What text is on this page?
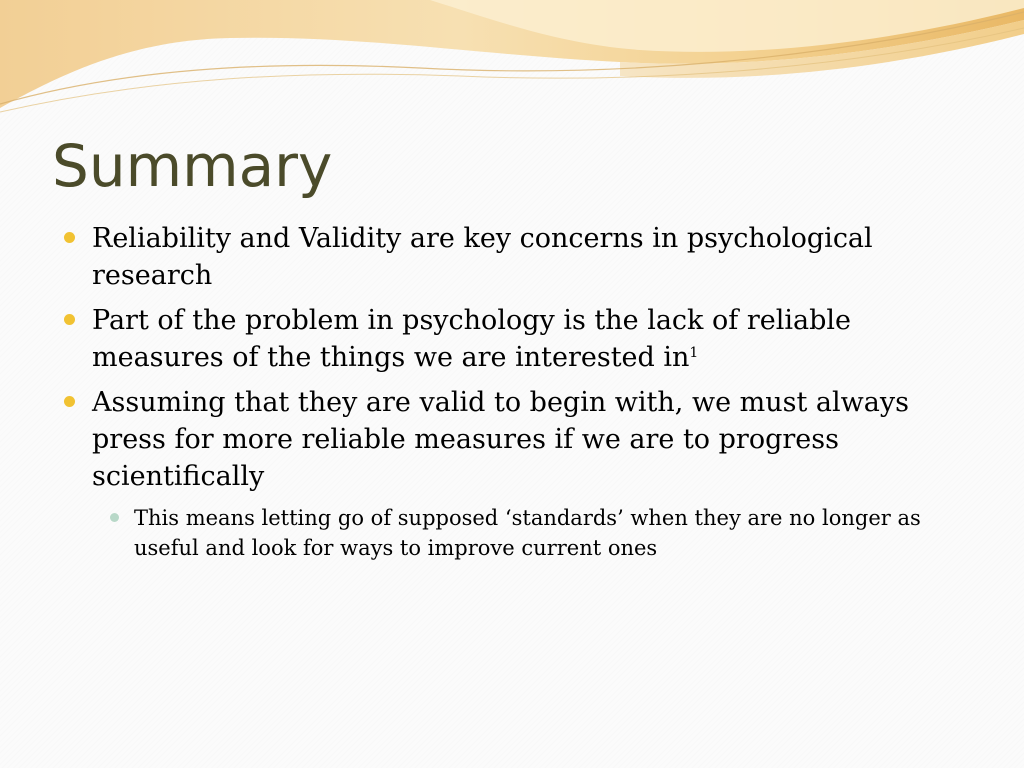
Summary
Reliability and Validity are key concerns in psychological research
Part of the problem in psychology is the lack of reliable measures of the things we are interested $in^1$
Assuming that they are valid to begin with, we must always press for more reliable measures if we are to progress scientifically
This means letting go of supposed ‘standards’ when they are no longer as useful and look for ways to improve current ones
